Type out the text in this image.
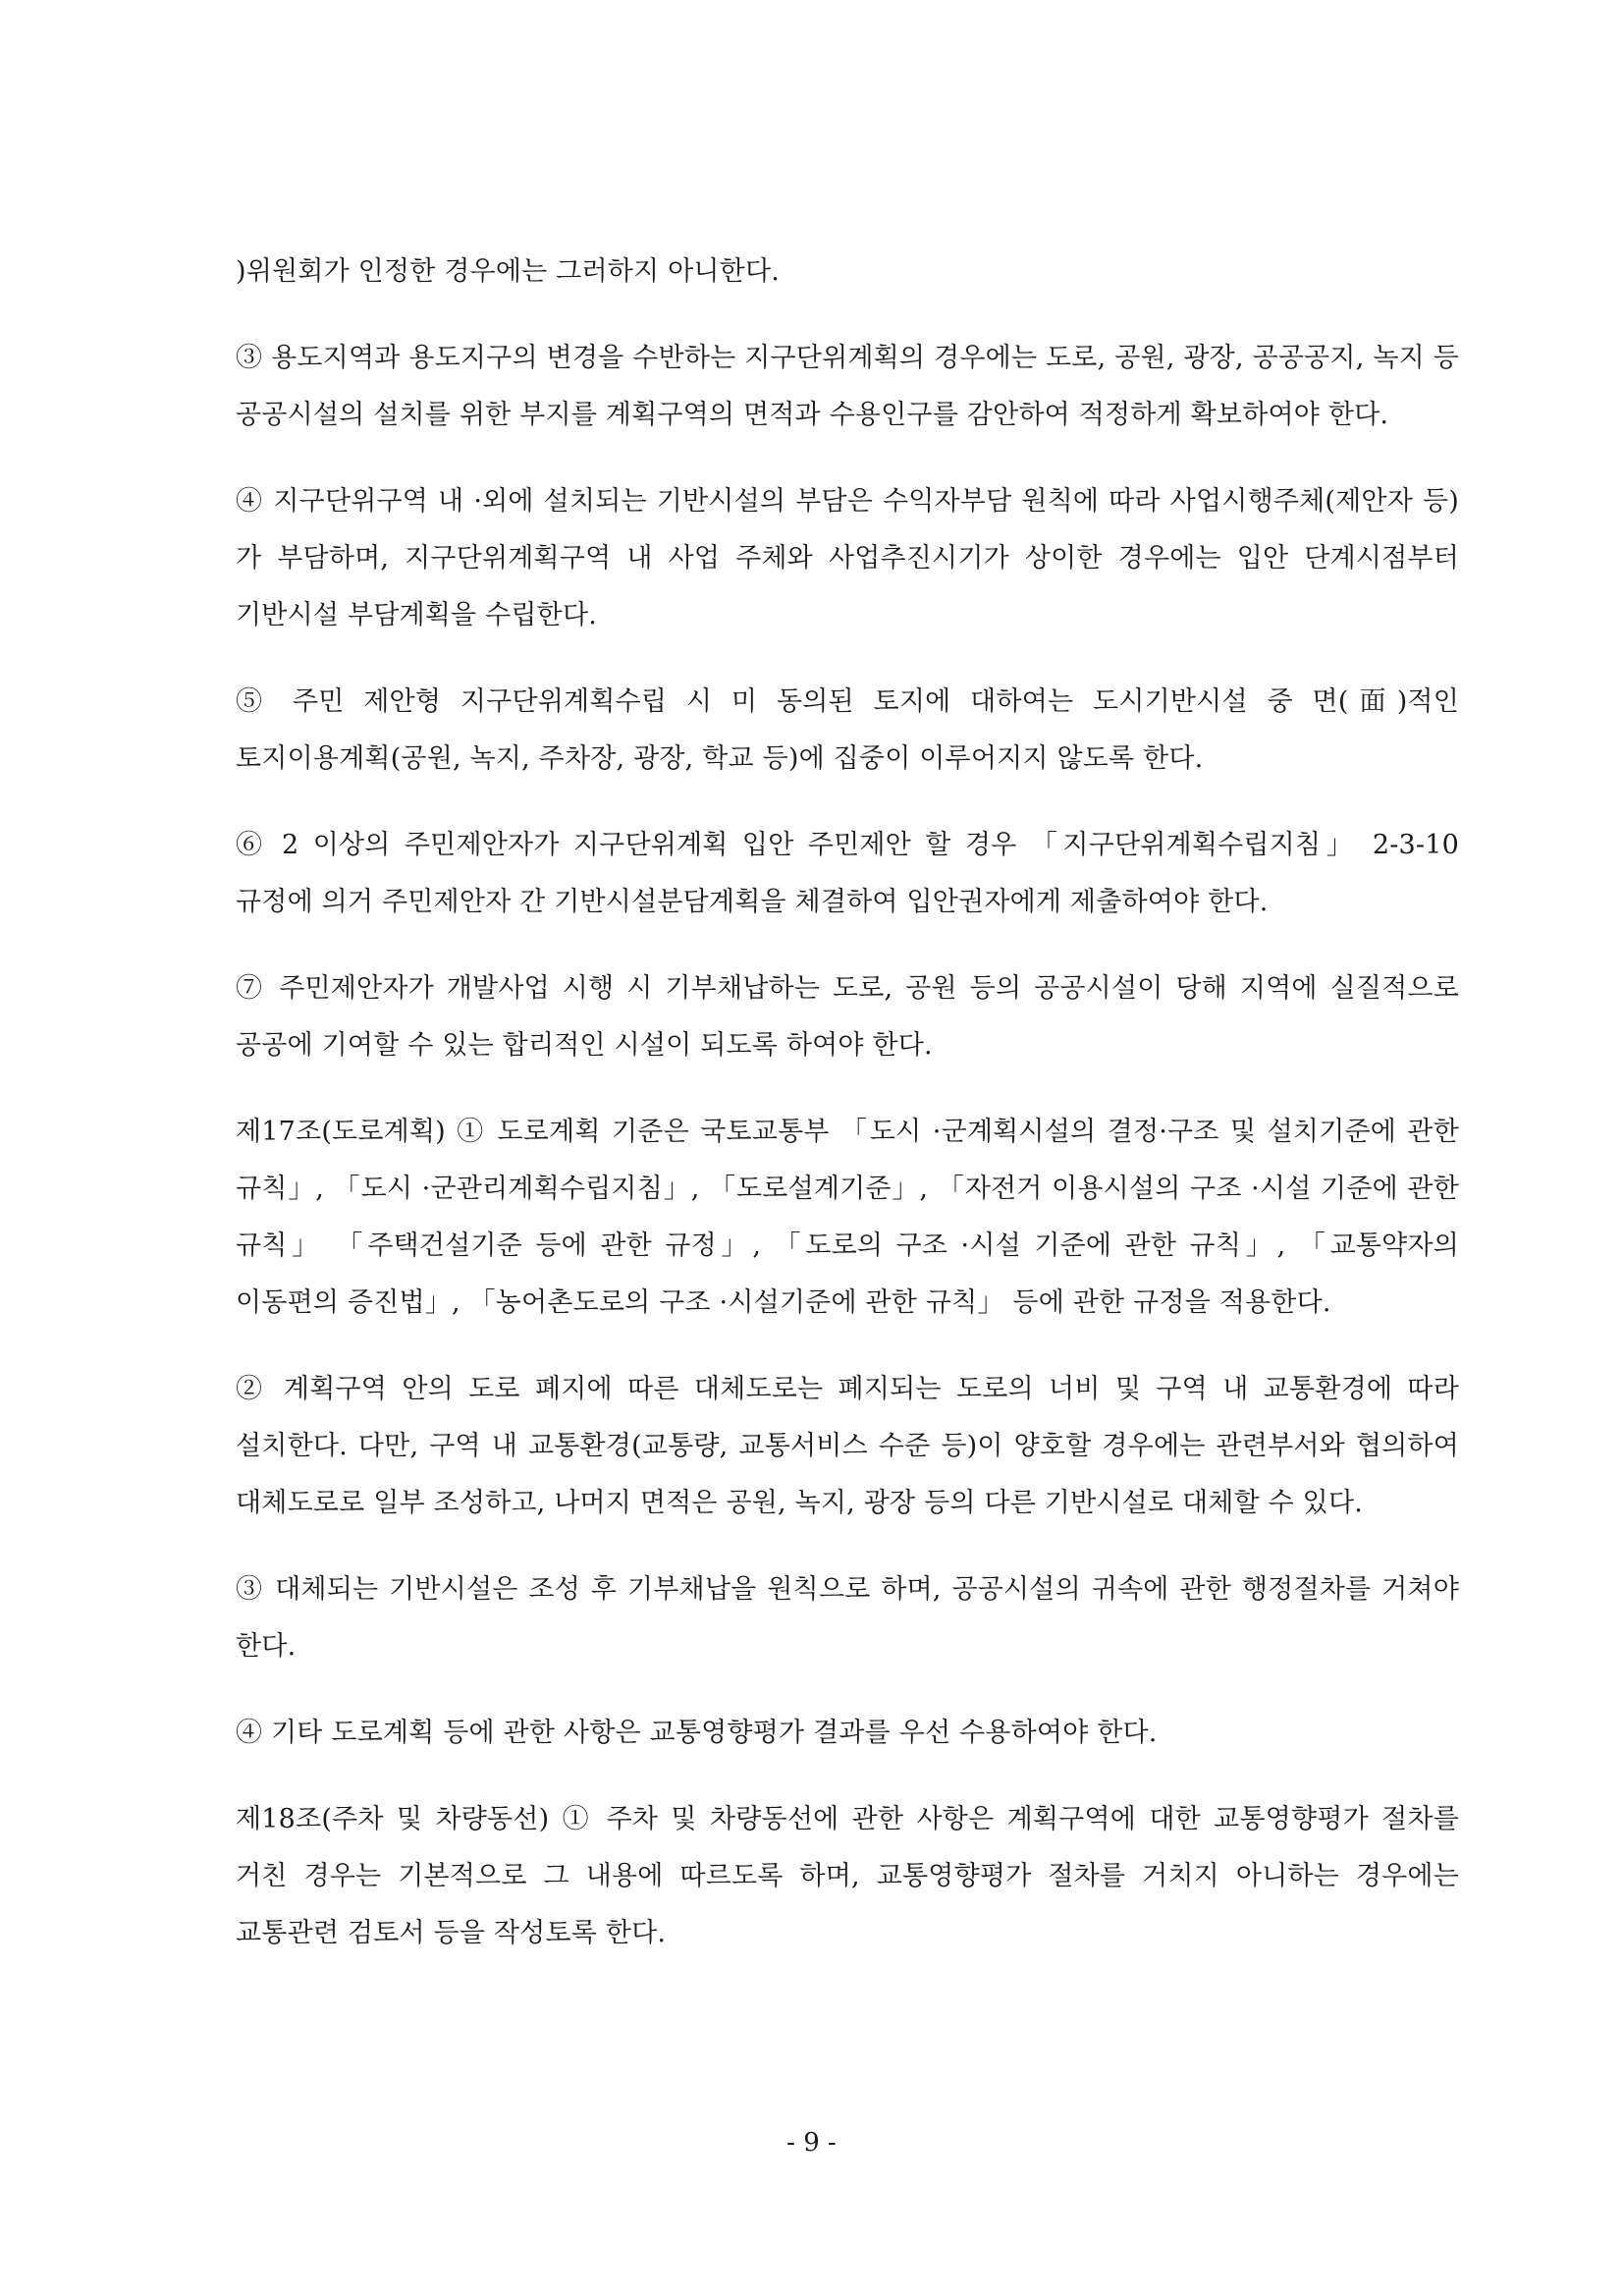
)위원회가 인정한 경우에는 그러하지 아니한다.

③ 용도지역과 용도지구의 변경을 수반하는 지구단위계획의 경우에는 도로, 공원, 광장, 공공공지, 녹지 등 공공시설의 설치를 위한 부지를 계획구역의 면적과 수용인구를 감안하여 적정하게 확보하여야 한다.

④ 지구단위구역 내 ·외에 설치되는 기반시설의 부담은 수익자부담 원칙에 따라 사업시행주체(제안자 등)가 부담하며, 지구단위계획구역 내 사업 주체와 사업추진시기가 상이한 경우에는 입안 단계시점부터 기반시설 부담계획을 수립한다.

⑤ 주민 제안형 지구단위계획수립 시 미 동의된 토지에 대하여는 도시기반시설 중 면(面)적인 토지이용계획(공원, 녹지, 주차장, 광장, 학교 등)에 집중이 이루어지지 않도록 한다.

⑥ 2 이상의 주민제안자가 지구단위계획 입안 주민제안 할 경우 「지구단위계획수립지침」 2-3-10 규정에 의거 주민제안자 간 기반시설분담계획을 체결하여 입안권자에게 제출하여야 한다.

⑦ 주민제안자가 개발사업 시행 시 기부채납하는 도로, 공원 등의 공공시설이 당해 지역에 실질적으로 공공에 기여할 수 있는 합리적인 시설이 되도록 하여야 한다.

제17조(도로계획) ① 도로계획 기준은 국토교통부 「도시 ·군계획시설의 결정·구조 및 설치기준에 관한 규칙」, 「도시 ·군관리계획수립지침」, 「도로설계기준」, 「자전거 이용시설의 구조 ·시설 기준에 관한 규칙」 「주택건설기준 등에 관한 규정」, 「도로의 구조 ·시설 기준에 관한 규칙」, 「교통약자의 이동편의 증진법」, 「농어촌도로의 구조 ·시설기준에 관한 규칙」 등에 관한 규정을 적용한다.

② 계획구역 안의 도로 폐지에 따른 대체도로는 폐지되는 도로의 너비 및 구역 내 교통환경에 따라 설치한다. 다만, 구역 내 교통환경(교통량, 교통서비스 수준 등)이 양호할 경우에는 관련부서와 협의하여 대체도로로 일부 조성하고, 나머지 면적은 공원, 녹지, 광장 등의 다른 기반시설로 대체할 수 있다.

③ 대체되는 기반시설은 조성 후 기부채납을 원칙으로 하며, 공공시설의 귀속에 관한 행정절차를 거쳐야 한다.

④ 기타 도로계획 등에 관한 사항은 교통영향평가 결과를 우선 수용하여야 한다.

제18조(주차 및 차량동선) ① 주차 및 차량동선에 관한 사항은 계획구역에 대한 교통영향평가 절차를 거친 경우는 기본적으로 그 내용에 따르도록 하며, 교통영향평가 절차를 거치지 아니하는 경우에는 교통관련 검토서 등을 작성토록 한다.

- 9 -
